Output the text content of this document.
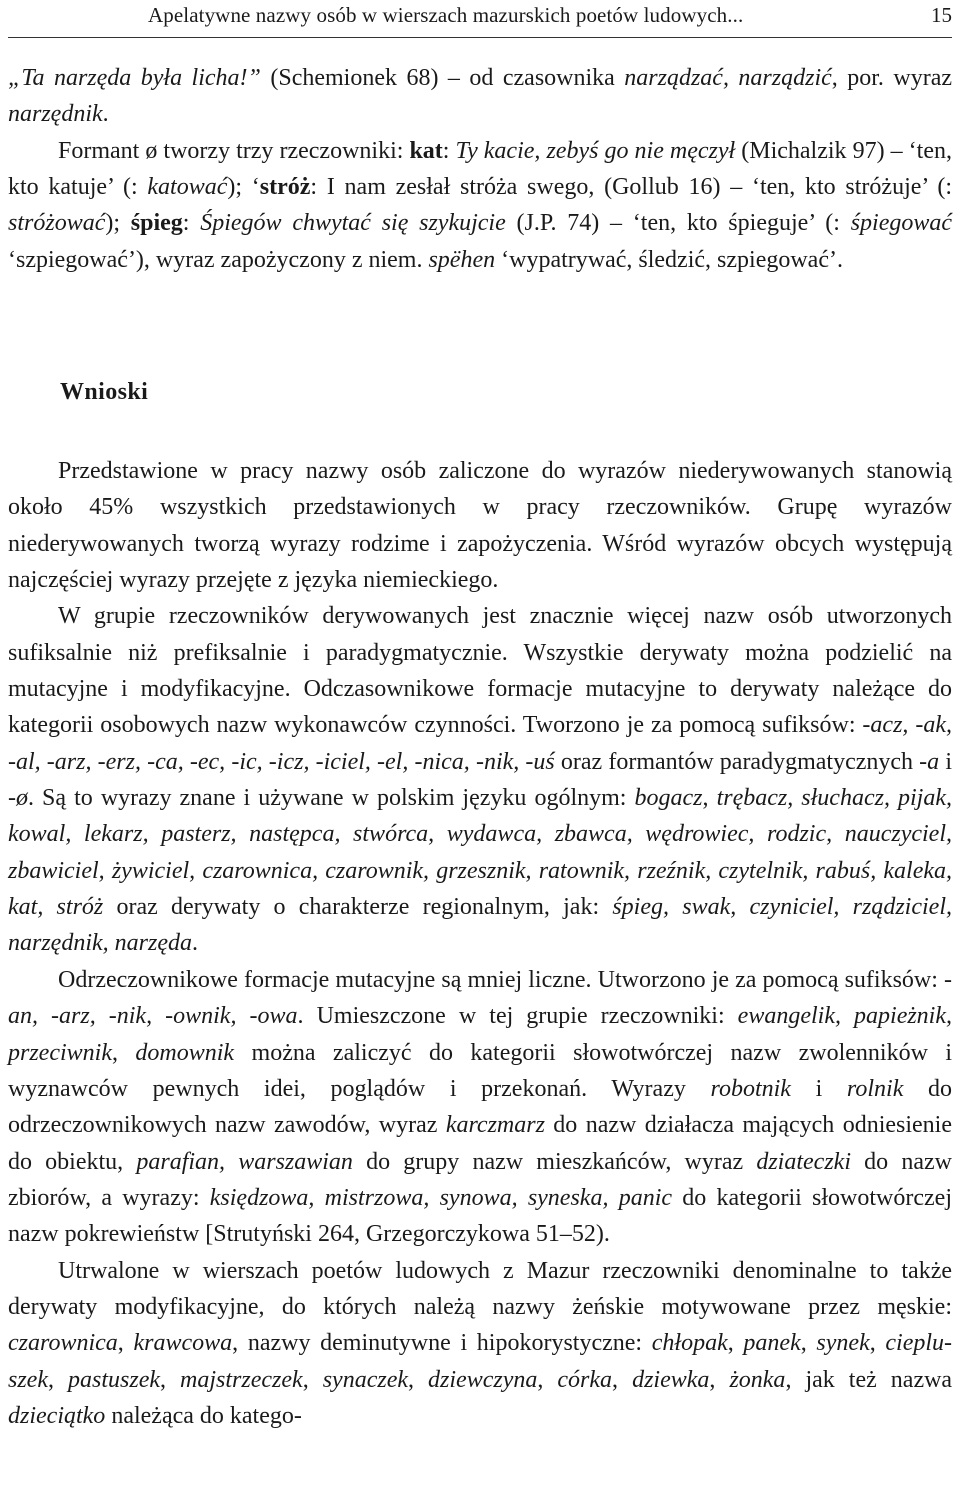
Apelatywne nazwy osób w wierszach mazurskich poetów ludowych...	15

„Ta narzęda była licha!” (Schemionek 68) – od czasownika narządzać, narządzić, por. wyraz narzędnik.

Formant ø tworzy trzy rzeczowniki: kat: Ty kacie, zebyś go nie męczył (Michalzik 97) – ‘ten, kto katuje’ (: katować); ‘stróż: I nam zesłał stróża swego, (Gollub 16) – ‘ten, kto stróżuje’ (: stróżować); śpieg: Śpiegów chwytać się szykujcie (J.P. 74) – ‘ten, kto śpieguje’ (: śpiegować ‘szpiegować’), wyraz zapożyczony z niem. spëhen ‘wypatrywać, śledzić, szpiegować’.

Wnioski

Przedstawione w pracy nazwy osób zaliczone do wyrazów niederywowanych stanowią około 45% wszystkich przedstawionych w pracy rzeczowników. Grupę wyrazów niederywowanych tworzą wyrazy rodzime i zapożyczenia. Wśród wyrazów obcych występują najczęściej wyrazy przejęte z języka niemieckiego.

W grupie rzeczowników derywowanych jest znacznie więcej nazw osób utworzonych sufiksalnie niż prefiksalnie i paradygmatycznie. Wszystkie derywaty można podzielić na mutacyjne i modyfikacyjne. Odczasownikowe formacje mutacyjne to derywaty należące do kategorii osobowych nazw wykonawców czynności. Tworzono je za pomocą sufiksów: -acz, -ak, -al, -arz, -erz, -ca, -ec, -ic, -icz, -iciel, -el, -nica, -nik, -uś oraz formantów paradygmatycznych -a i -ø. Są to wyrazy znane i używane w polskim języku ogólnym: bogacz, trębacz, słuchacz, pijak, kowal, lekarz, pasterz, następca, stwórca, wydawca, zbawca, wędrowiec, rodzic, nauczyciel, zbawiciel, żywiciel, czarownica, czarownik, grzesznik, ratownik, rzeźnik, czytelnik, rabuś, kaleka, kat, stróż oraz derywaty o charakterze regionalnym, jak: śpieg, swak, czyniciel, rządziciel, narzędnik, narzęda.

Odrzeczownikowe formacje mutacyjne są mniej liczne. Utworzono je za pomocą sufiksów: -an, -arz, -nik, -ownik, -owa. Umieszczone w tej grupie rzeczowniki: ewangelik, papieżnik, przeciwnik, domownik można zaliczyć do kategorii słowotwórczej nazw zwolenników i wyznawców pewnych idei, poglądów i przekonań. Wyrazy robotnik i rolnik do odrzeczownikowych nazw zawodów, wyraz karczmarz do nazw działacza mających odniesienie do obiektu, parafian, warszawian do grupy nazw mieszkańców, wyraz dziateczki do nazw zbiorów, a wyrazy: księdzowa, mistrzowa, synowa, syneska, panic do kategorii słowotwórczej nazw pokrewieństw [Strutyński 264, Grzegorczykowa 51–52).

Utrwalone w wierszach poetów ludowych z Mazur rzeczowniki denominalne to także derywaty modyfikacyjne, do których należą nazwy żeńskie motywowane przez męskie: czarownica, krawcowa, nazwy deminutywne i hipokorystyczne: chłopak, panek, synek, ciepluszek, pastuszek, majstrzeczek, synaczek, dziewczyna, córka, dziewka, żonka, jak też nazwa dzieciątko należąca do katego-
